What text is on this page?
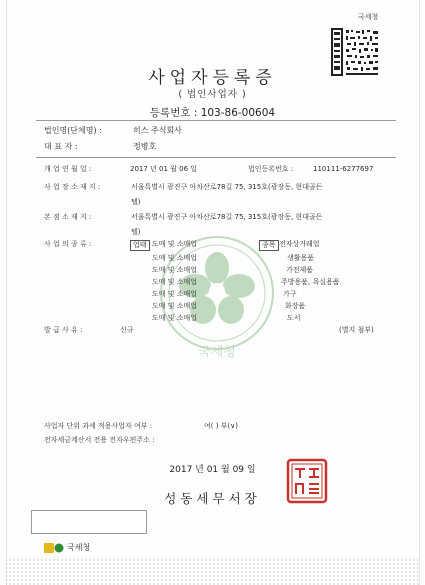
국세청
사업자등록증
( 법인사업자 )
등록번호 : 103-86-00604
국세청
법인명(단체명) :	히스 주식회사
대 표 자 :	정병호
개 업 연 월 일 :	2017 년 01 월 06 일	법인등록번호 :	110111-6277697
사 업 장 소 재 지 :	서울특별시 광진구 아차산로78길 75, 315호(광장동, 현대골든
텔)
본 점 소 재 지 :	서울특별시 광진구 아차산로78길 75, 315호(광장동, 현대골든
텔)
사 업 의 종 류 :	업태	종목
도매 및 소매업	전자상거래업
도매 및 소매업	생활용품
도매 및 소매업	가전제품
도매 및 소매업	주방용품, 욕실용품
도매 및 소매업	가구
도매 및 소매업	화장품
도매 및 소매업	도서
발 급 사 유 :	신규	(별지 첨부)
사업자 단위 과세 적용사업자 여부 :	여( ) 부(∨)
전자세금계산서 전용 전자우편주소 :
2017 년 01 월 09 일
성동세무서장
국세청
